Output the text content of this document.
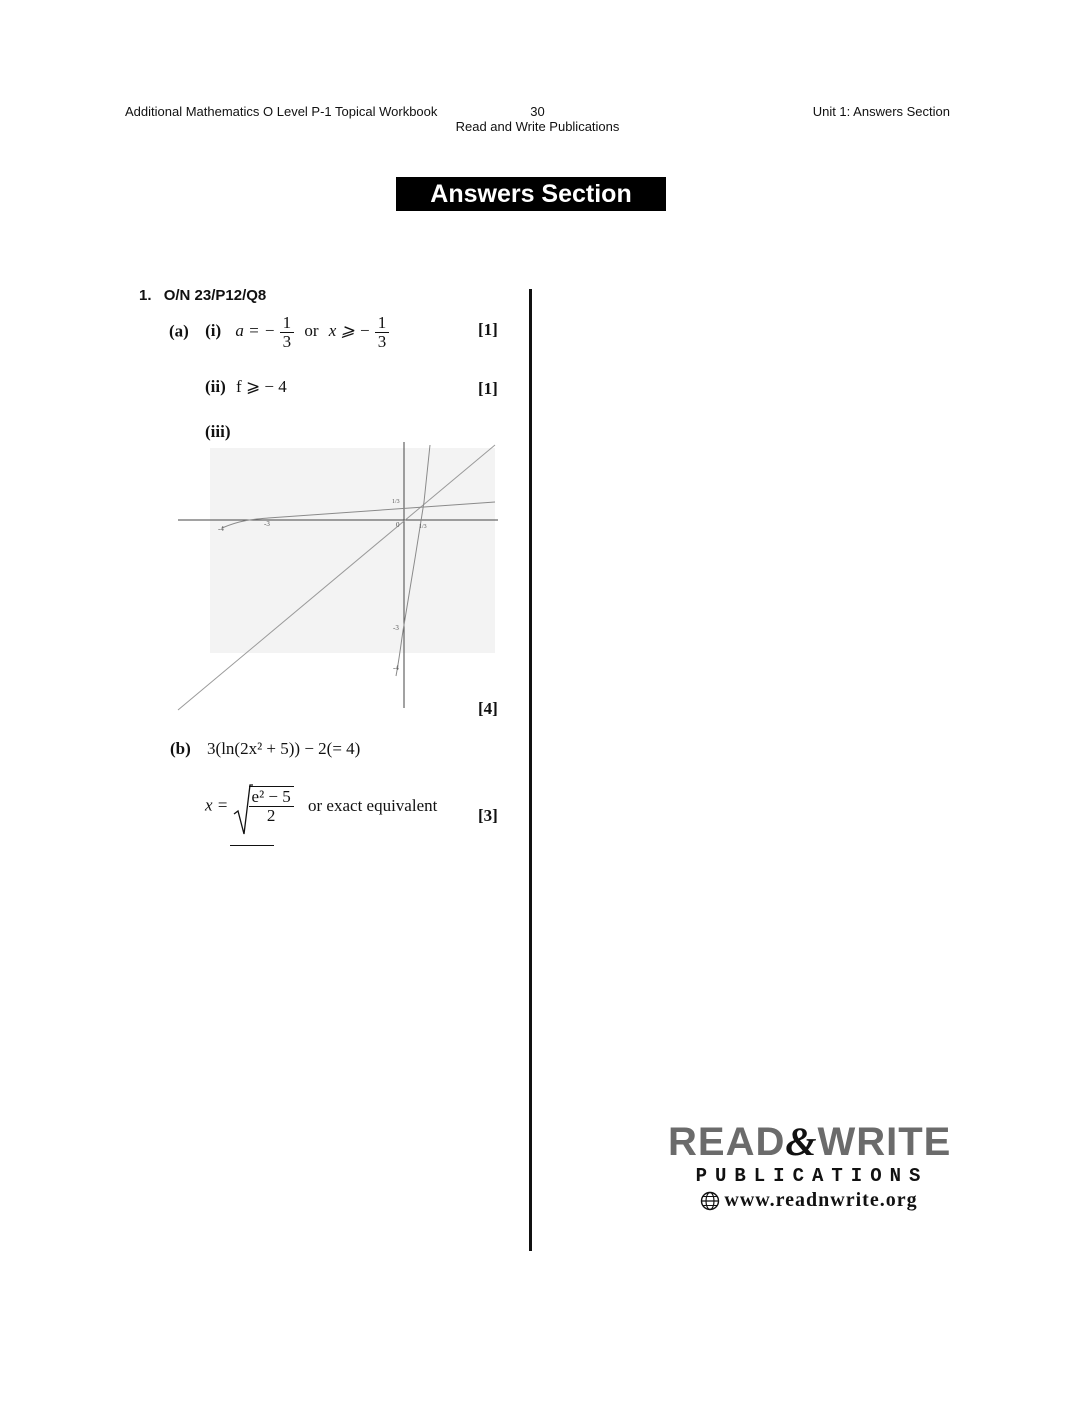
Additional Mathematics O Level P-1 Topical Workbook	30
Read and Write Publications
Unit 1: Answers Section
Answers Section
1. O/N 23/P12/Q8
(a) (i) a = − $\frac{1}{3}$ or x ⩾ − $\frac{1}{3}$	[1]
(ii) f ⩾ − 4	[1]
(iii)
-4
-3	0	1/3
1/3
-3
-4
[4]
(b) 3(ln(2x² + 5)) − 2(= 4)
$x = \frac{\text{e² − 5}}{2}$ or exact equivalent
[3]
READ&WRITE
PUBLICATIONS
www.readnwrite.org
